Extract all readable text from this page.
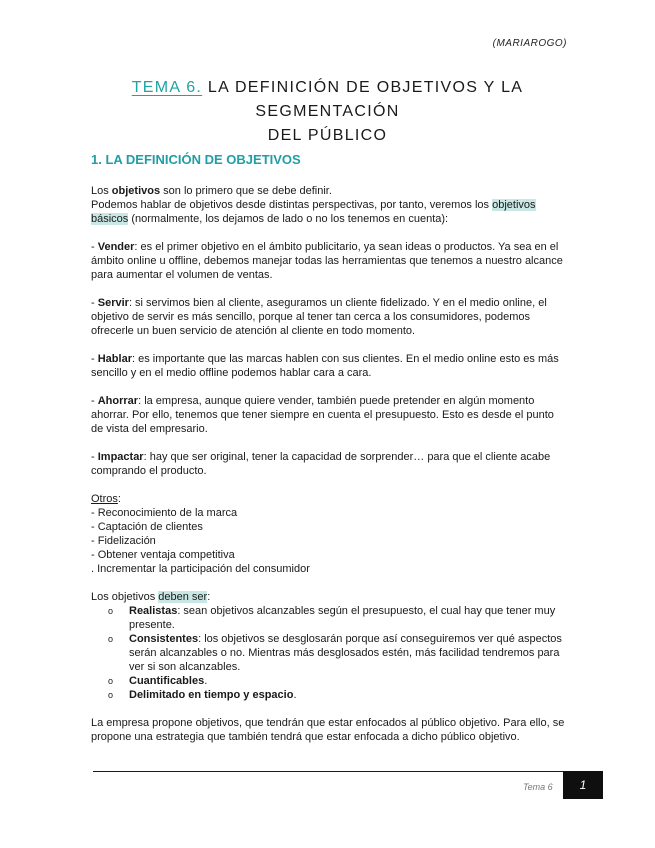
(MARIAROGO)
TEMA 6. LA DEFINICIÓN DE OBJETIVOS Y LA SEGMENTACIÓN
DEL PÚBLICO
1. LA DEFINICIÓN DE OBJETIVOS

Los objetivos son lo primero que se debe definir.
Podemos hablar de objetivos desde distintas perspectivas, por tanto, veremos los objetivos básicos (normalmente, los dejamos de lado o no los tenemos en cuenta):

- Vender: es el primer objetivo en el ámbito publicitario, ya sean ideas o productos. Ya sea en el ámbito online u offline, debemos manejar todas las herramientas que tenemos a nuestro alcance para aumentar el volumen de ventas.

- Servir: si servimos bien al cliente, aseguramos un cliente fidelizado. Y en el medio online, el objetivo de servir es más sencillo, porque al tener tan cerca a los consumidores, podemos ofrecerle un buen servicio de atención al cliente en todo momento.

- Hablar: es importante que las marcas hablen con sus clientes. En el medio online esto es más sencillo y en el medio offline podemos hablar cara a cara.

- Ahorrar: la empresa, aunque quiere vender, también puede pretender en algún momento ahorrar. Por ello, tenemos que tener siempre en cuenta el presupuesto. Esto es desde el punto de vista del empresario.

- Impactar: hay que ser original, tener la capacidad de sorprender… para que el cliente acabe comprando el producto.

Otros:

- Reconocimiento de la marca
- Captación de clientes
- Fidelización
- Obtener ventaja competitiva
. Incrementar la participación del consumidor

Los objetivos deben ser:

o Realistas: sean objetivos alcanzables según el presupuesto, el cual hay que tener muy presente.
o Consistentes: los objetivos se desglosarán porque así conseguiremos ver qué aspectos serán alcanzables o no. Mientras más desglosados estén, más facilidad tendremos para ver si son alcanzables.
o Cuantificables.
o Delimitado en tiempo y espacio.

La empresa propone objetivos, que tendrán que estar enfocados al público objetivo. Para ello, se propone una estrategia que también tendrá que estar enfocada a dicho público objetivo.

Tema 6	1
